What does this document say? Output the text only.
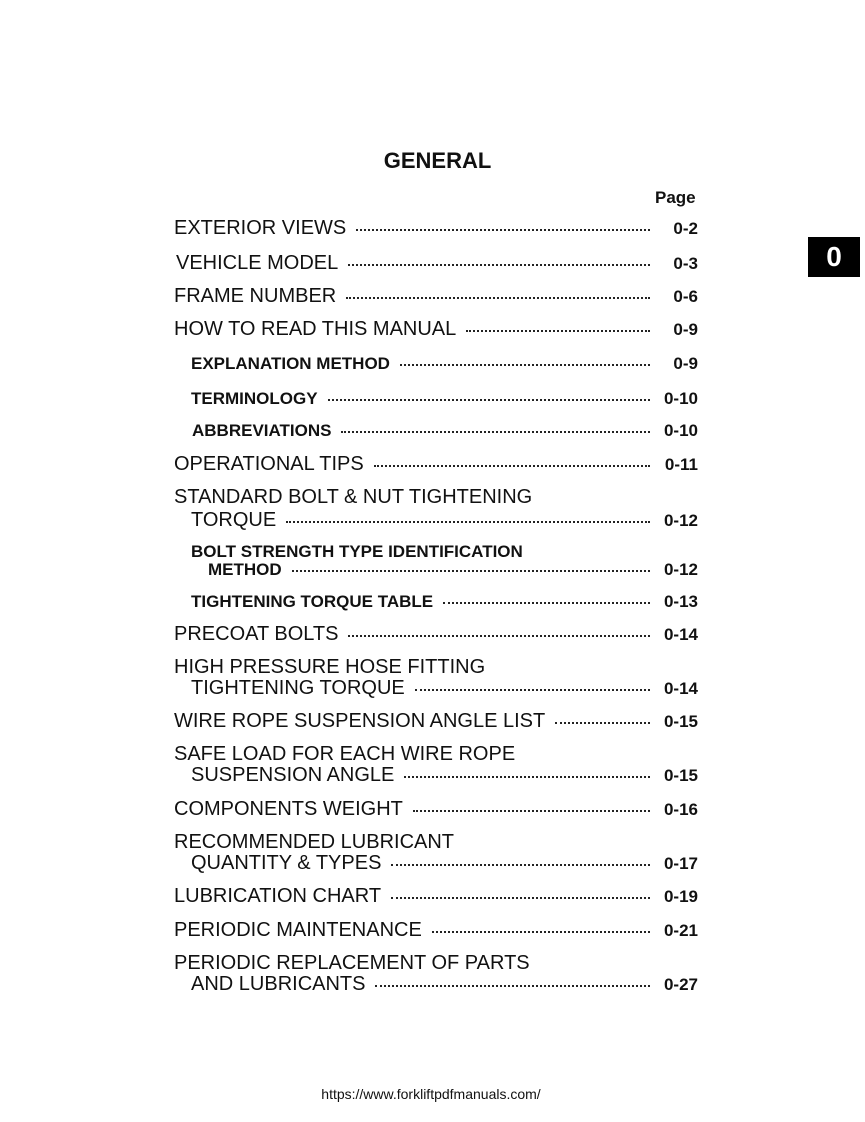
GENERAL
Page
0
EXTERIOR VIEWS	0-2
VEHICLE MODEL	0-3
FRAME NUMBER	0-6
HOW TO READ THIS MANUAL	0-9
EXPLANATION METHOD	0-9
TERMINOLOGY	0-10
ABBREVIATIONS	0-10
OPERATIONAL TIPS	0-11
STANDARD BOLT & NUT TIGHTENING
TORQUE	0-12
BOLT STRENGTH TYPE IDENTIFICATION
METHOD	0-12
TIGHTENING TORQUE TABLE	0-13
PRECOAT BOLTS	0-14
HIGH PRESSURE HOSE FITTING
TIGHTENING TORQUE	0-14
WIRE ROPE SUSPENSION ANGLE LIST	0-15
SAFE LOAD FOR EACH WIRE ROPE
SUSPENSION ANGLE	0-15
COMPONENTS WEIGHT	0-16
RECOMMENDED LUBRICANT
QUANTITY & TYPES	0-17
LUBRICATION CHART	0-19
PERIODIC MAINTENANCE	0-21
PERIODIC REPLACEMENT OF PARTS
AND LUBRICANTS	0-27
https://www.forkliftpdfmanuals.com/
